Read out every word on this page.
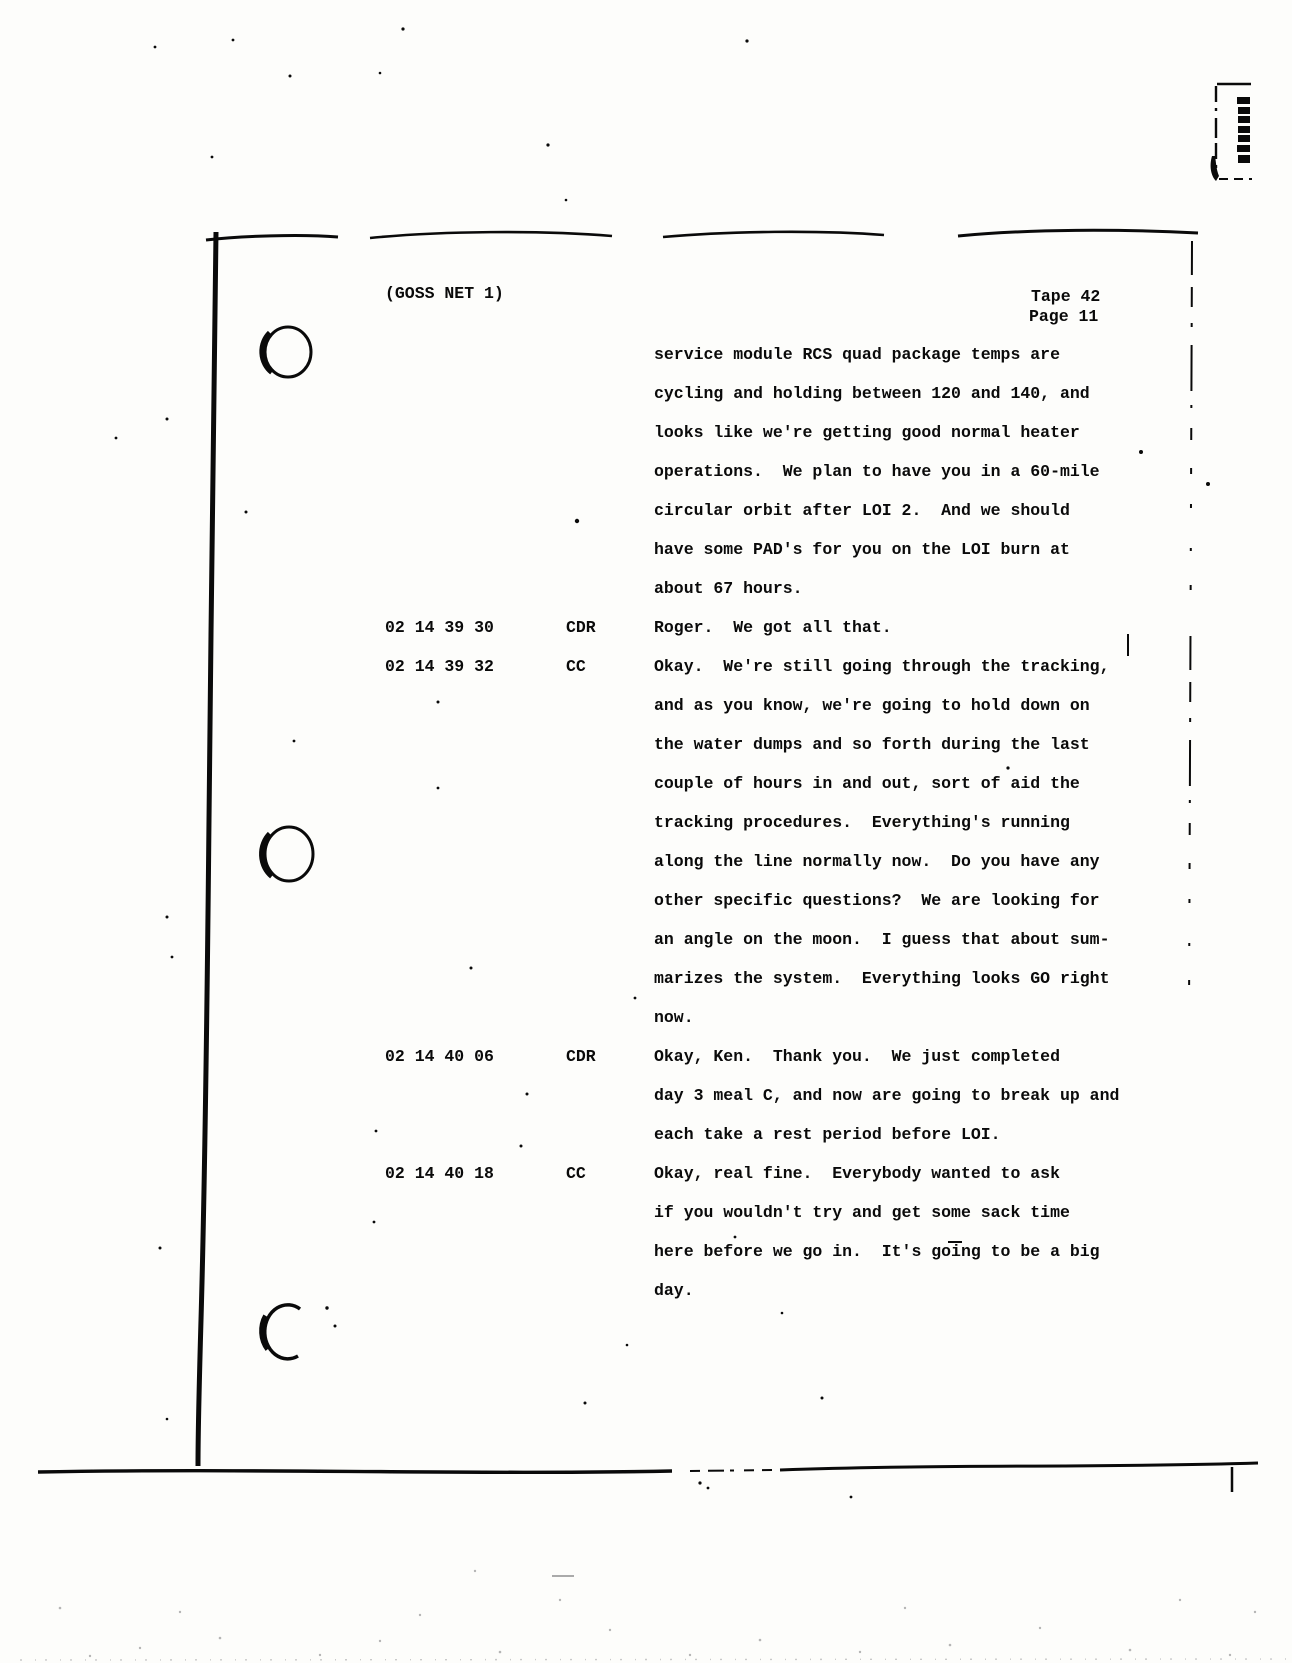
(GOSS NET 1)	Tape 42
Page 11
service module RCS quad package temps are
cycling and holding between 120 and 140, and
looks like we're getting good normal heater
operations.  We plan to have you in a 60-mile
circular orbit after LOI 2.  And we should
have some PAD's for you on the LOI burn at
about 67 hours.
02 14 39 30	CDR	Roger.  We got all that.
02 14 39 32	CC	Okay.  We're still going through the tracking,
and as you know, we're going to hold down on
the water dumps and so forth during the last
couple of hours in and out, sort of aid the
tracking procedures.  Everything's running
along the line normally now.  Do you have any
other specific questions?  We are looking for
an angle on the moon.  I guess that about sum-
marizes the system.  Everything looks GO right
now.
02 14 40 06	CDR	Okay, Ken.  Thank you.  We just completed
day 3 meal C, and now are going to break up and
each take a rest period before LOI.
02 14 40 18	CC	Okay, real fine.  Everybody wanted to ask
if you wouldn't try and get some sack time
here before we go in.  It's going to be a big
day.
